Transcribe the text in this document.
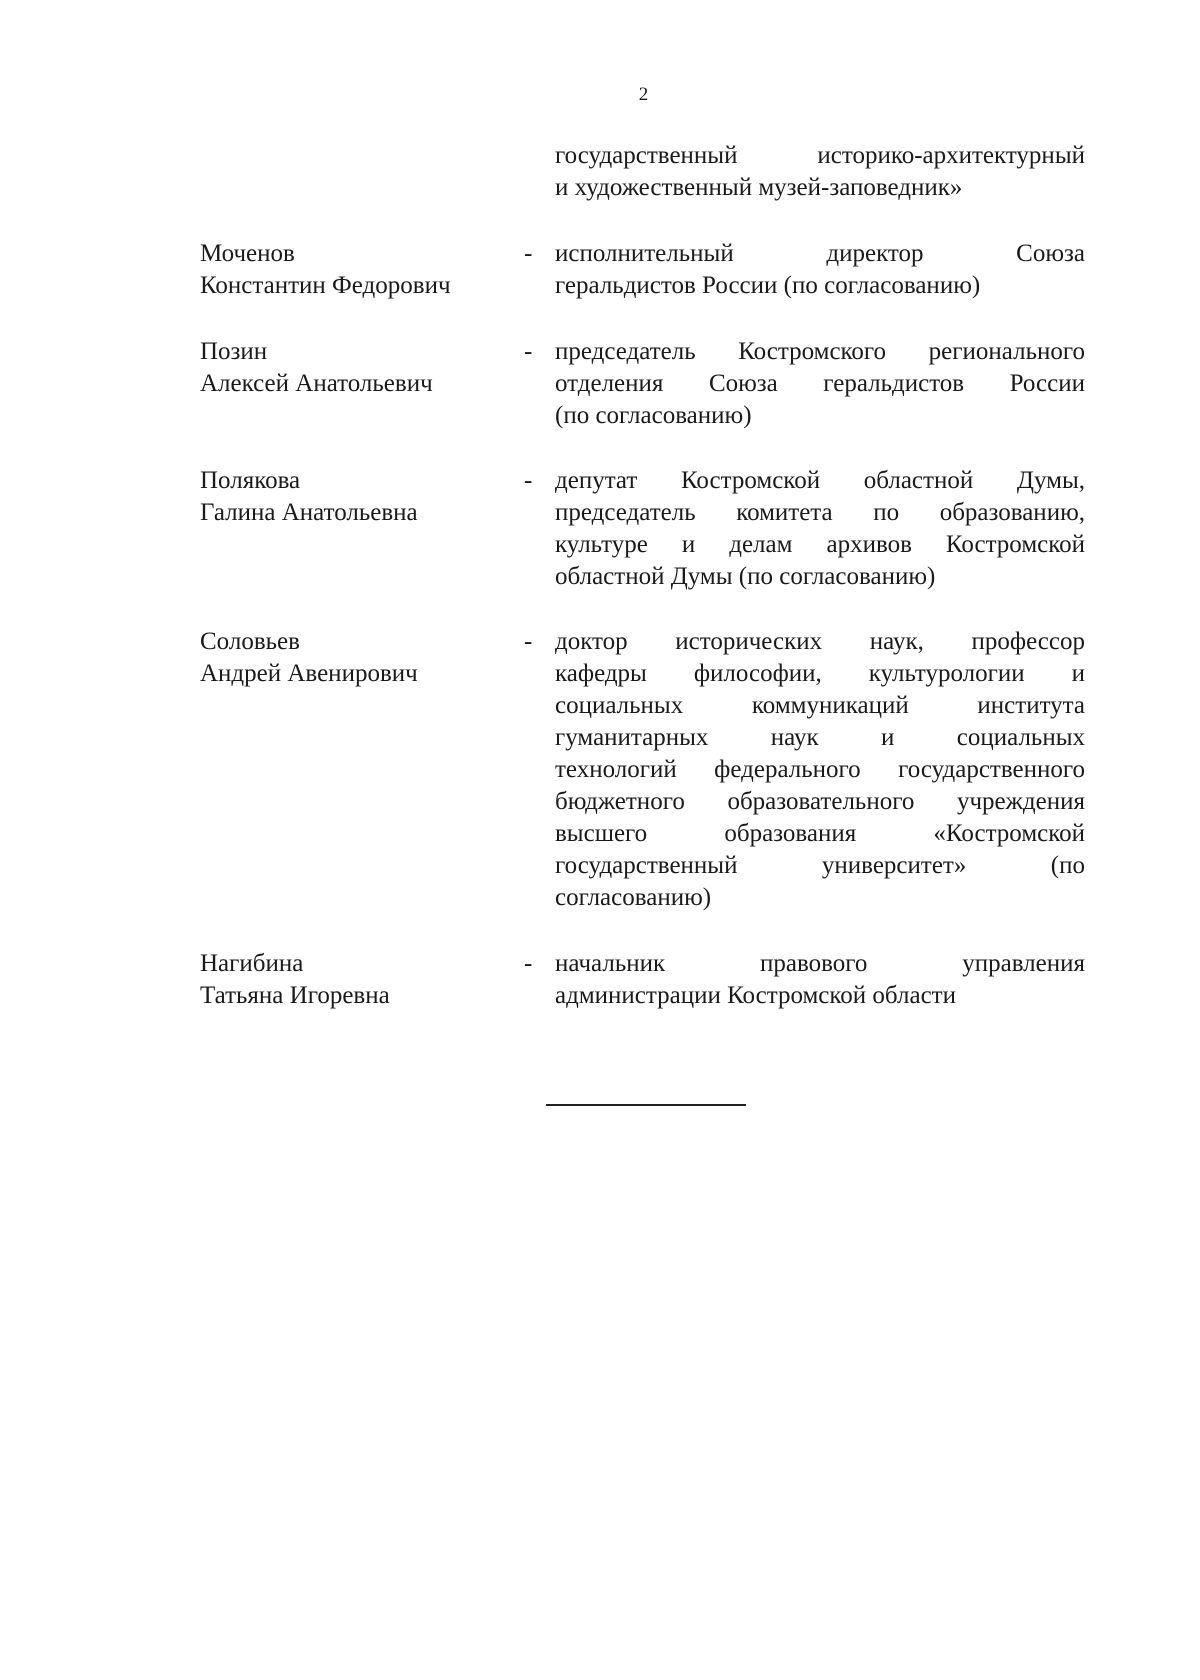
2
государственный историко-архитектурный
и художественный музей-заповедник»
Моченов
Константин Федорович
- исполнительный директор Союза
геральдистов России (по согласованию)
Позин
Алексей Анатольевич
- председатель Костромского регионального
отделения Союза геральдистов России
(по согласованию)
Полякова
Галина Анатольевна
- депутат Костромской областной Думы,
председатель комитета по образованию,
культуре и делам архивов Костромской
областной Думы (по согласованию)
Соловьев
Андрей Авенирович
- доктор исторических наук, профессор
кафедры философии, культурологии и
социальных коммуникаций института
гуманитарных наук и социальных
технологий федерального государственного
бюджетного образовательного учреждения
высшего образования «Костромской
государственный университет» (по
согласованию)
Нагибина
Татьяна Игоревна
- начальник правового управления
администрации Костромской области
